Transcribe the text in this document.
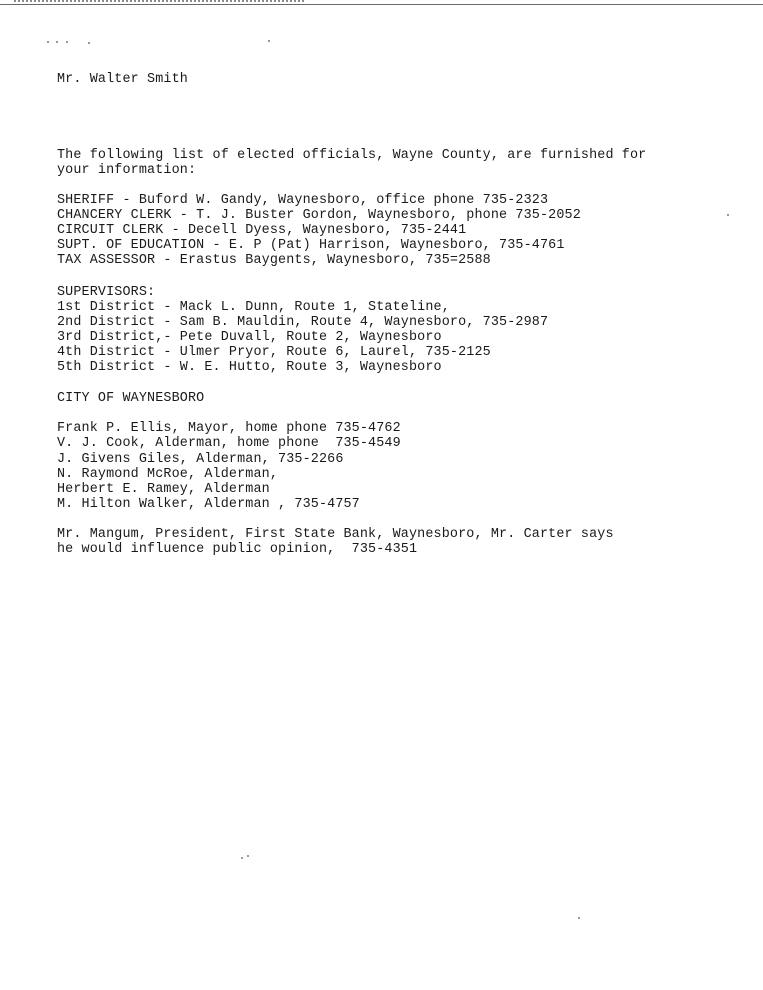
Mr. Walter Smith
The following list of elected officials, Wayne County, are furnished for
your information:
SHERIFF - Buford W. Gandy, Waynesboro, office phone 735-2323
CHANCERY CLERK - T. J. Buster Gordon, Waynesboro, phone 735-2052
CIRCUIT CLERK - Decell Dyess, Waynesboro, 735-2441
SUPT. OF EDUCATION - E. P (Pat) Harrison, Waynesboro, 735-4761
TAX ASSESSOR - Erastus Baygents, Waynesboro, 735=2588
SUPERVISORS:
1st District - Mack L. Dunn, Route 1, Stateline,
2nd District - Sam B. Mauldin, Route 4, Waynesboro, 735-2987
3rd District,- Pete Duvall, Route 2, Waynesboro
4th District - Ulmer Pryor, Route 6, Laurel, 735-2125
5th District - W. E. Hutto, Route 3, Waynesboro
CITY OF WAYNESBORO
Frank P. Ellis, Mayor, home phone 735-4762
V. J. Cook, Alderman, home phone  735-4549
J. Givens Giles, Alderman, 735-2266
N. Raymond McRoe, Alderman,
Herbert E. Ramey, Alderman
M. Hilton Walker, Alderman , 735-4757
Mr. Mangum, President, First State Bank, Waynesboro, Mr. Carter says
he would influence public opinion,  735-4351
